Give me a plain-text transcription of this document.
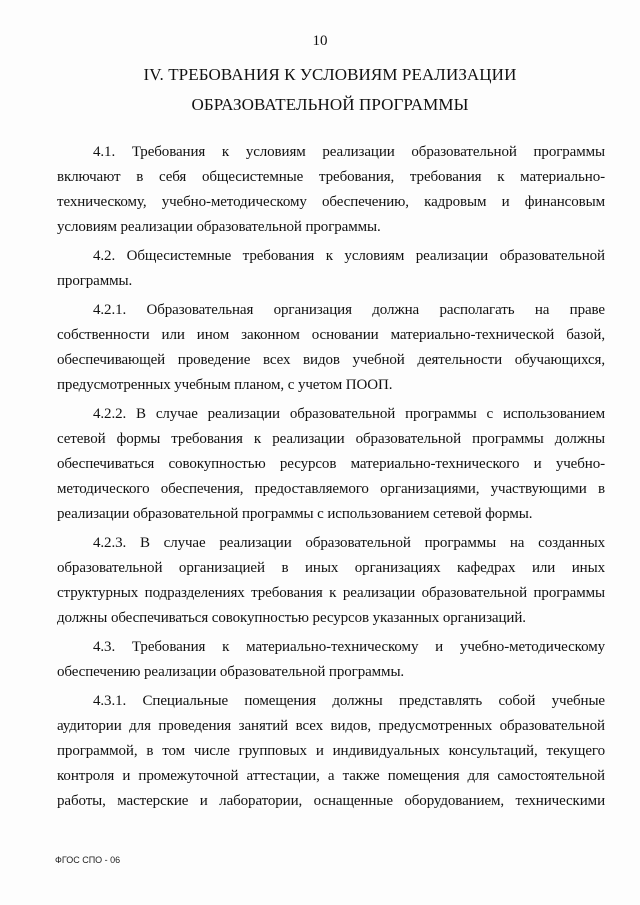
10
IV. ТРЕБОВАНИЯ К УСЛОВИЯМ РЕАЛИЗАЦИИ
ОБРАЗОВАТЕЛЬНОЙ ПРОГРАММЫ
4.1. Требования к условиям реализации образовательной программы
включают в себя общесистемные требования, требования к материально-
техническому, учебно-методическому обеспечению, кадровым и финансовым
условиям реализации образовательной программы.
4.2. Общесистемные требования к условиям реализации образовательной
программы.
4.2.1. Образовательная организация должна располагать на праве
собственности или ином законном основании материально-технической базой,
обеспечивающей проведение всех видов учебной деятельности обучающихся,
предусмотренных учебным планом, с учетом ПООП.
4.2.2. В случае реализации образовательной программы с использованием
сетевой формы требования к реализации образовательной программы должны
обеспечиваться совокупностью ресурсов материально-технического и учебно-
методического обеспечения, предоставляемого организациями, участвующими в
реализации образовательной программы с использованием сетевой формы.
4.2.3. В случае реализации образовательной программы на созданных
образовательной организацией в иных организациях кафедрах или иных
структурных подразделениях требования к реализации образовательной программы
должны обеспечиваться совокупностью ресурсов указанных организаций.
4.3. Требования к материально-техническому и учебно-методическому
обеспечению реализации образовательной программы.
4.3.1. Специальные помещения должны представлять собой учебные
аудитории для проведения занятий всех видов, предусмотренных образовательной
программой, в том числе групповых и индивидуальных консультаций, текущего
контроля и промежуточной аттестации, а также помещения для самостоятельной
работы, мастерские и лаборатории, оснащенные оборудованием, техническими
ФГОС СПО - 06
